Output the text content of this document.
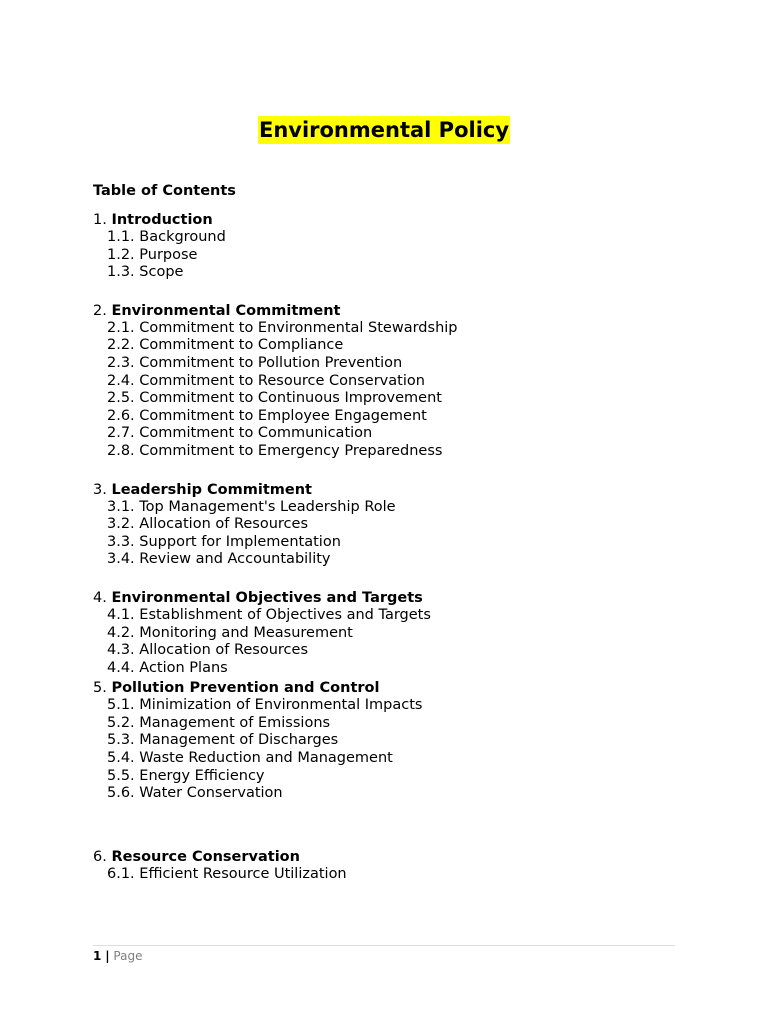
Environmental Policy
Table of Contents
1. Introduction
1.1. Background
1.2. Purpose
1.3. Scope
2. Environmental Commitment
2.1. Commitment to Environmental Stewardship
2.2. Commitment to Compliance
2.3. Commitment to Pollution Prevention
2.4. Commitment to Resource Conservation
2.5. Commitment to Continuous Improvement
2.6. Commitment to Employee Engagement
2.7. Commitment to Communication
2.8. Commitment to Emergency Preparedness
3. Leadership Commitment
3.1. Top Management's Leadership Role
3.2. Allocation of Resources
3.3. Support for Implementation
3.4. Review and Accountability
4. Environmental Objectives and Targets
4.1. Establishment of Objectives and Targets
4.2. Monitoring and Measurement
4.3. Allocation of Resources
4.4. Action Plans
5. Pollution Prevention and Control
5.1. Minimization of Environmental Impacts
5.2. Management of Emissions
5.3. Management of Discharges
5.4. Waste Reduction and Management
5.5. Energy Efficiency
5.6. Water Conservation
6. Resource Conservation
6.1. Efficient Resource Utilization
1 | Page
